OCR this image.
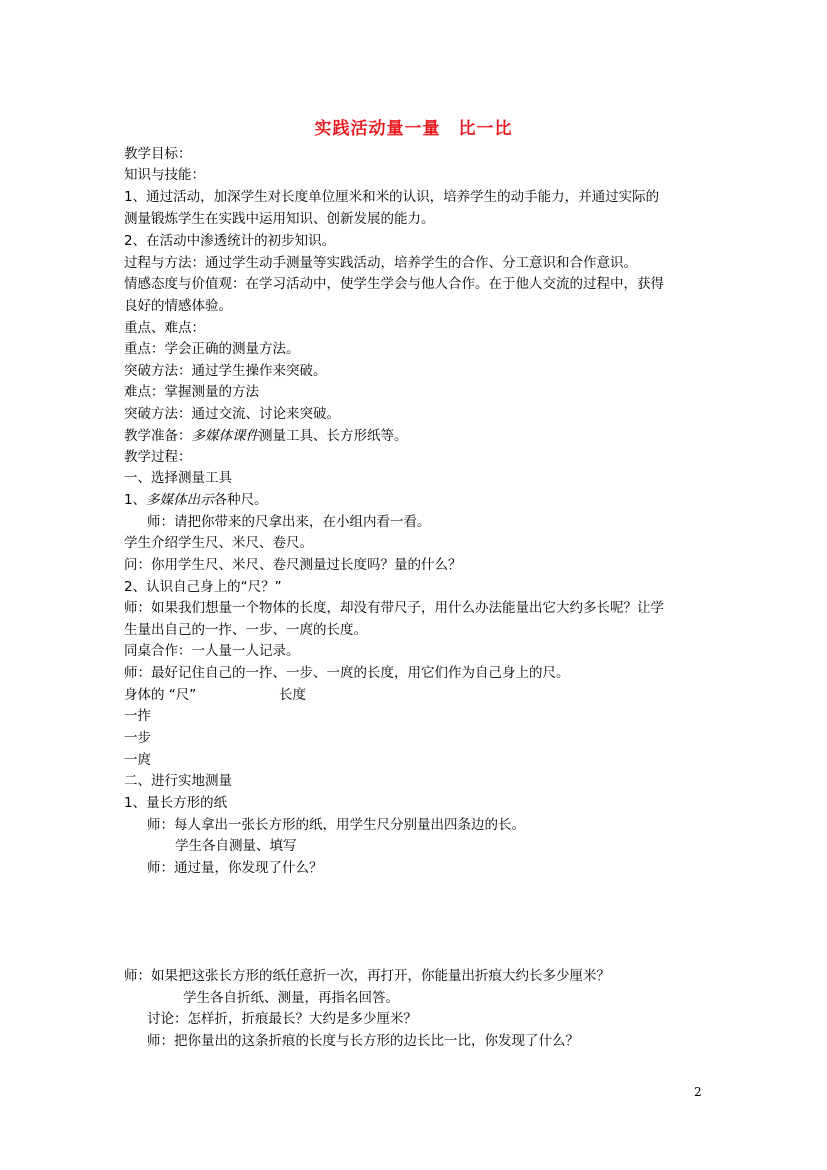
实践活动量一量　比一比
教学目标：
知识与技能：
1、通过活动，加深学生对长度单位厘米和米的认识，培养学生的动手能力，并通过实际的
测量锻炼学生在实践中运用知识、创新发展的能力。
2、在活动中渗透统计的初步知识。
过程与方法：通过学生动手测量等实践活动，培养学生的合作、分工意识和合作意识。
情感态度与价值观：在学习活动中，使学生学会与他人合作。在于他人交流的过程中，获得
良好的情感体验。
重点、难点：
重点：学会正确的测量方法。
突破方法：通过学生操作来突破。
难点：掌握测量的方法
突破方法：通过交流、讨论来突破。
教学准备：多媒体课件测量工具、长方形纸等。
教学过程：
一、选择测量工具
1、多媒体出示各种尺。
师：请把你带来的尺拿出来，在小组内看一看。
学生介绍学生尺、米尺、卷尺。
问：你用学生尺、米尺、卷尺测量过长度吗？量的什么？
2、认识自己身上的“尺？”
师：如果我们想量一个物体的长度，却没有带尺子，用什么办法能量出它大约多长呢？让学
生量出自己的一拃、一步、一庹的长度。
同桌合作：一人量一人记录。
师：最好记住自己的一拃、一步、一庹的长度，用它们作为自己身上的尺。
身体的 “尺”	长度
一拃
一步
一庹
二、进行实地测量
1、量长方形的纸
师：每人拿出一张长方形的纸，用学生尺分别量出四条边的长。
学生各自测量、填写
师：通过量，你发现了什么？
师：如果把这张长方形的纸任意折一次，再打开，你能量出折痕大约长多少厘米？
学生各自折纸、测量，再指名回答。
讨论：怎样折，折痕最长？大约是多少厘米？
师：把你量出的这条折痕的长度与长方形的边长比一比，你发现了什么？
2
